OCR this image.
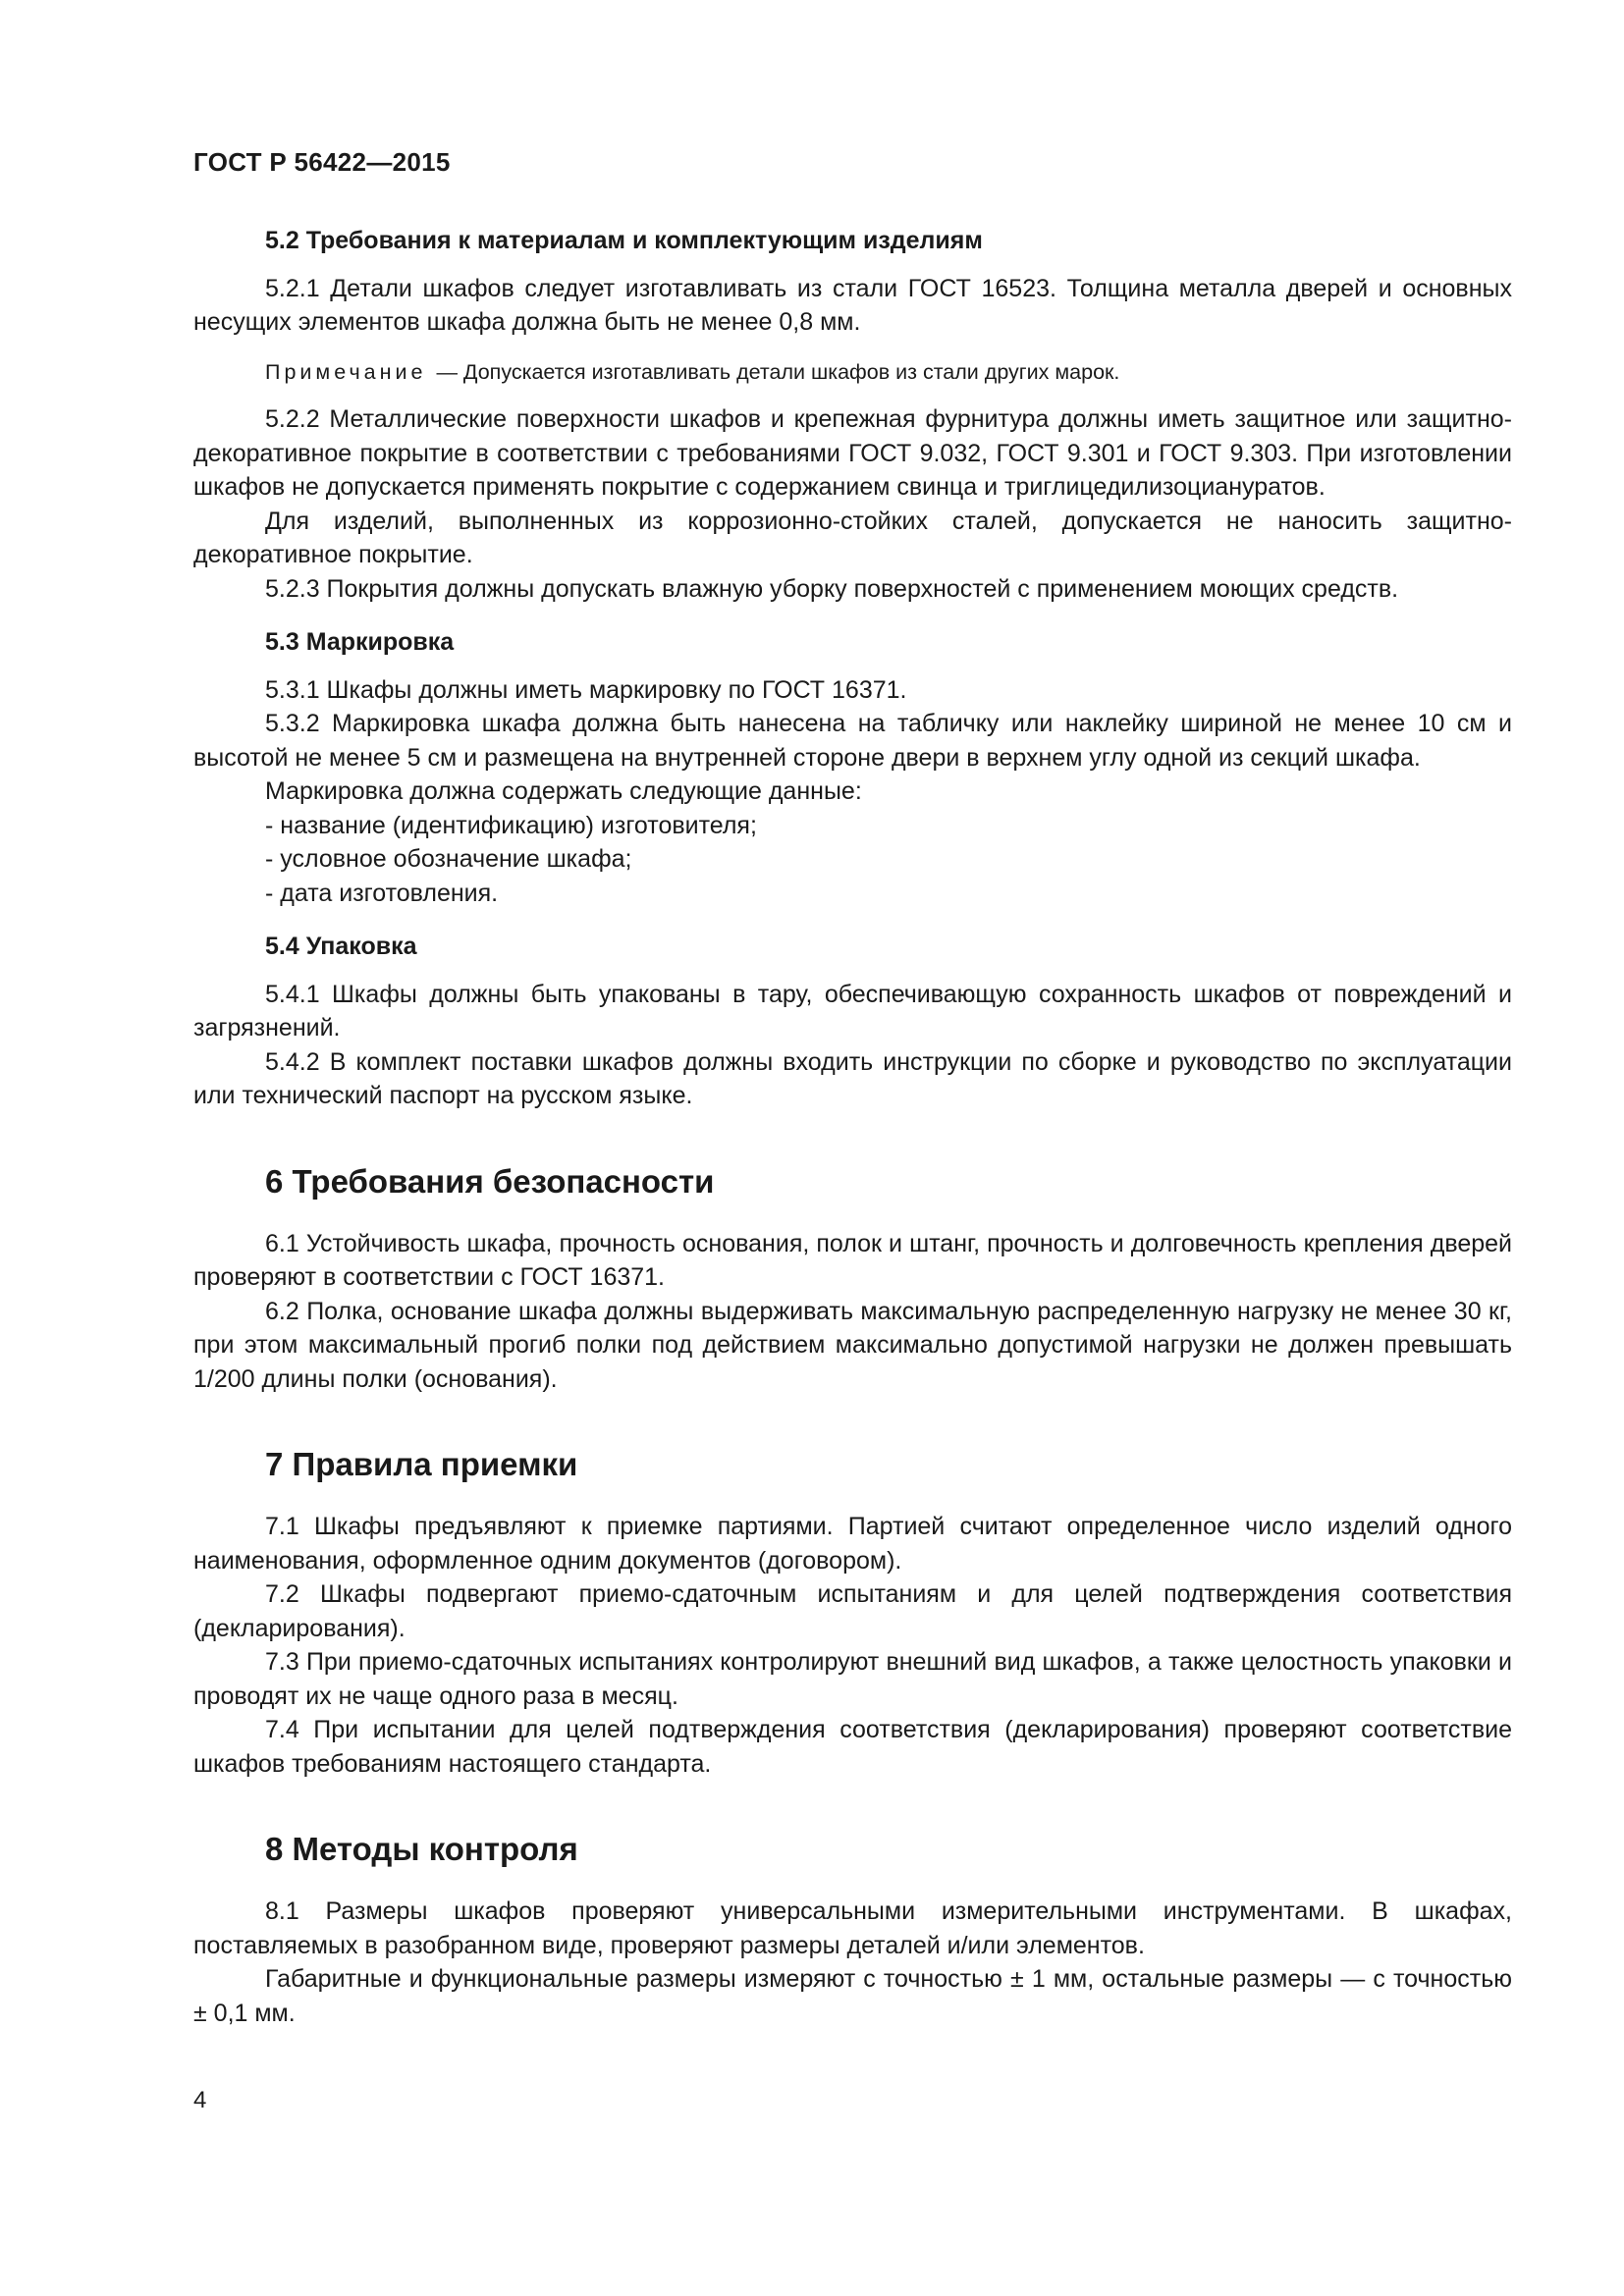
ГОСТ Р 56422—2015
5.2 Требования к материалам и комплектующим изделиям

5.2.1 Детали шкафов следует изготавливать из стали ГОСТ 16523. Толщина металла дверей и основных несущих элементов шкафа должна быть не менее 0,8 мм.

Примечание — Допускается изготавливать детали шкафов из стали других марок.

5.2.2 Металлические поверхности шкафов и крепежная фурнитура должны иметь защитное или защитно-декоративное покрытие в соответствии с требованиями ГОСТ 9.032, ГОСТ 9.301 и ГОСТ 9.303. При изготовлении шкафов не допускается применять покрытие с содержанием свинца и триглицедилизоциануратов.

Для изделий, выполненных из коррозионно-стойких сталей, допускается не наносить защитно-декоративное покрытие.

5.2.3 Покрытия должны допускать влажную уборку поверхностей с применением моющих средств.

5.3 Маркировка

5.3.1 Шкафы должны иметь маркировку по ГОСТ 16371.

5.3.2 Маркировка шкафа должна быть нанесена на табличку или наклейку шириной не менее 10 см и высотой не менее 5 см и размещена на внутренней стороне двери в верхнем углу одной из секций шкафа.

Маркировка должна содержать следующие данные:

- название (идентификацию) изготовителя;
- условное обозначение шкафа;
- дата изготовления.
5.4 Упаковка

5.4.1 Шкафы должны быть упакованы в тару, обеспечивающую сохранность шкафов от повреждений и загрязнений.

5.4.2 В комплект поставки шкафов должны входить инструкции по сборке и руководство по эксплуатации или технический паспорт на русском языке.

6 Требования безопасности

6.1 Устойчивость шкафа, прочность основания, полок и штанг, прочность и долговечность крепления дверей проверяют в соответствии с ГОСТ 16371.

6.2 Полка, основание шкафа должны выдерживать максимальную распределенную нагрузку не менее 30 кг, при этом максимальный прогиб полки под действием максимально допустимой нагрузки не должен превышать 1/200 длины полки (основания).

7 Правила приемки

7.1 Шкафы предъявляют к приемке партиями. Партией считают определенное число изделий одного наименования, оформленное одним документов (договором).

7.2 Шкафы подвергают приемо-сдаточным испытаниям и для целей подтверждения соответствия (декларирования).

7.3 При приемо-сдаточных испытаниях контролируют внешний вид шкафов, а также целостность упаковки и проводят их не чаще одного раза в месяц.

7.4 При испытании для целей подтверждения соответствия (декларирования) проверяют соответствие шкафов требованиям настоящего стандарта.

8 Методы контроля

8.1 Размеры шкафов проверяют универсальными измерительными инструментами. В шкафах, поставляемых в разобранном виде, проверяют размеры деталей и/или элементов.

Габаритные и функциональные размеры измеряют с точностью ± 1 мм, остальные размеры — с точностью ± 0,1 мм.

4
